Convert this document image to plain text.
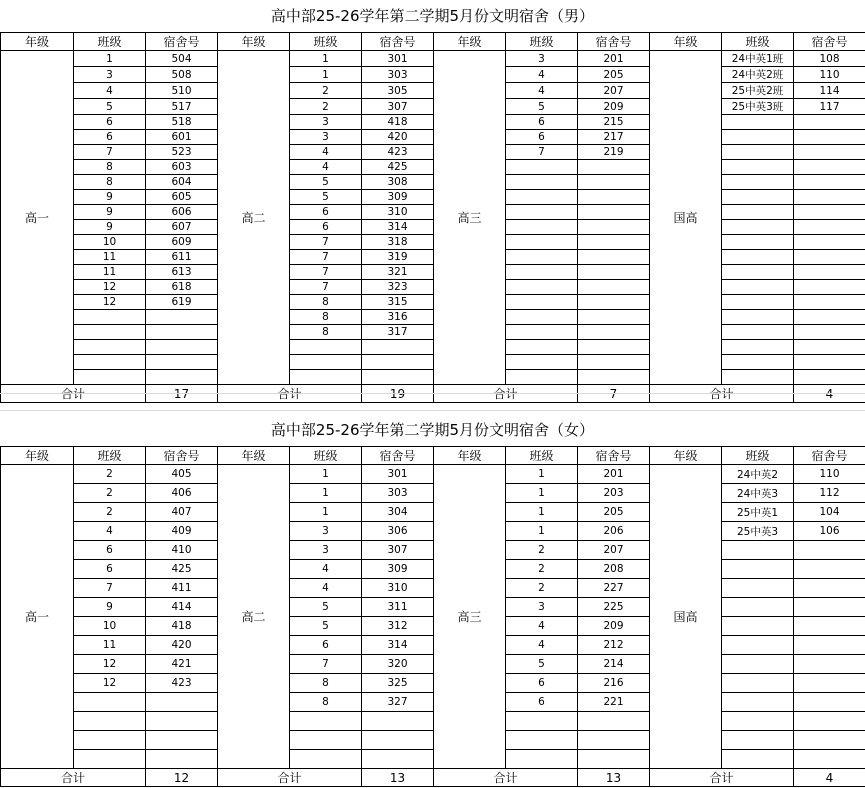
高中部25-26学年第二学期5月份文明宿舍（男）
年级	班级	宿舍号	年级	班级	宿舍号	年级	班级	宿舍号	年级	班级	宿舍号
高一	1	504	高二	1	301	高三	3	201	国高	24中英1班	108
	3	508		1	303		4	205		24中英2班	110
	4	510		2	305		4	207		25中英2班	114
	5	517		2	307		5	209		25中英3班	117
	6	518		3	418		6	215			
	6	601		3	420		6	217			
	7	523		4	423		7	219			
	8	603		4	425						
	8	604		5	308						
	9	605		5	309						
	9	606		6	310						
	9	607		6	314						
	10	609		7	318						
	11	611		7	319						
	11	613		7	321						
	12	618		7	323						
	12	619		8	315						
				8	316						
				8	317						

合计		17	合计		19	合计		7	合计		4
高中部25-26学年第二学期5月份文明宿舍（女）
年级	班级	宿舍号	年级	班级	宿舍号	年级	班级	宿舍号	年级	班级	宿舍号
高一	2	405	高二	1	301	高三	1	201	国高	24中英2	110
	2	406		1	303		1	203		24中英3	112
	2	407		1	304		1	205		25中英1	104
	4	409		3	306		1	206		25中英3	106
	6	410		3	307		2	207			
	6	425		4	309		2	208			
	7	411		4	310		2	227			
	9	414		5	311		3	225			
	10	418		5	312		4	209			
	11	420		6	314		4	212			
	12	421		7	320		5	214			
	12	423		8	325		6	216			
				8	327		6	221			

合计		12	合计		13	合计		13	合计		4
